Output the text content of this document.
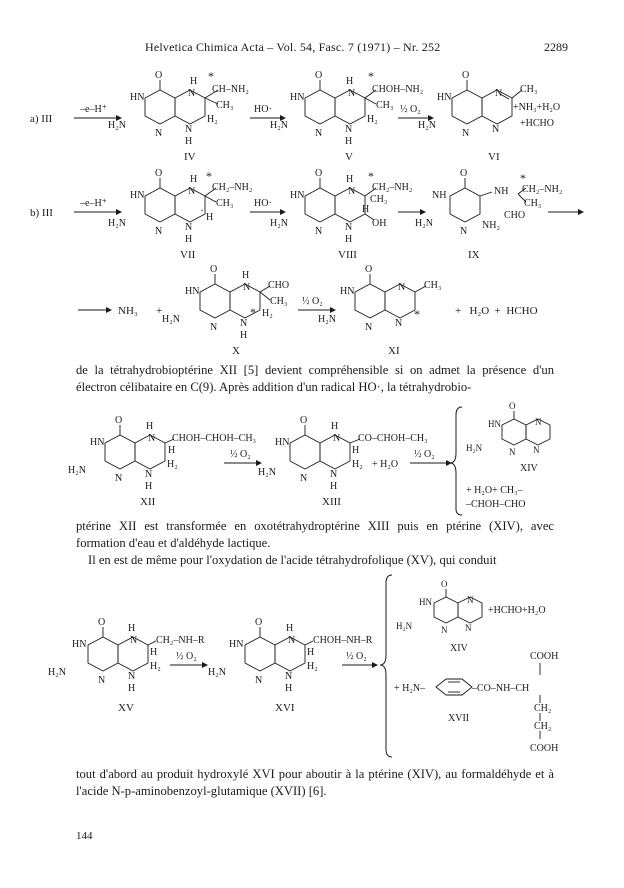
Helvetica Chimica Acta – Vol. 54, Fasc. 7 (1971) – Nr. 252	2289
a) III
–e–H⁺
O
H
HN	N
H₂N
N N
H₂
H
*
CH–NH₂
CH₃
IV
HO·
O
H
HN	N
H₂N
N N
H₂
H
*
CHOH–NH₂
CH₃
V
½ O₂
O
HN	N
H₂N
N N
CH₃
+NH₃+H₂O
+HCHO
VI
b) III
–e–H⁺
O
H
HN	N
H₂N
N N
H
·
H
*
CH₂–NH₂
CH₃
VII
HO·
O
H
HN	N
H₂N
N N
H
*
CH₂–NH₂
CH₃
H
OH
VIII
O
NH
H₂N
N
NH
*
CH₂–NH₂
CH₃
CHO
NH₂
IX
NH₃ +
O
H
HN	N
H₂N
N N
* H₂
H
CHO
CH₃
X
½ O₂
O
HN	N
H₂N
N N
*
CH₃
XI
+   H₂O  +  HCHO

de la tétrahydrobioptérine XII [5] devient compréhensible si on admet la présence d'un électron célibataire en C(9). Après addition d'un radical HO·, la tétrahydrobio-

O
H
HN	N
H₂N
N N
H₂
H
H
CHOH–CHOH–CH₃
XII
½ O₂
O
H
HN	N
H₂N
N N
H₂
H
H
CO–CHOH–CH₃
XIII
+ H₂O
½ O₂
O
HN	N
H₂N	N N
XIV
+ H₂O+ CH₃–
–CHOH–CHO

ptérine XII est transformée en oxotétrahydroptérine XIII puis en ptérine (XIV), avec formation d'eau et d'aldéhyde lactique.

Il en est de même pour l'oxydation de l'acide tétrahydrofolique (XV), qui conduit

O
H
HN	N
H₂N
N N
H₂
H
H
CH₂–NH–R
XV
½ O₂
O
H
HN	N
H₂N
N N
H₂
H
H
CHOH–NH–R
XVI
½ O₂
O
HN	N
H₂N	N N
+HCHO+H₂O
XIV
+ H₂N–	–CO–NH–CH
COOH
CH₂
CH₂
COOH
XVII

tout d'abord au produit hydroxylé XVI pour aboutir à la ptérine (XIV), au formaldéhyde et à l'acide N-p-aminobenzoyl-glutamique (XVII) [6].

144
